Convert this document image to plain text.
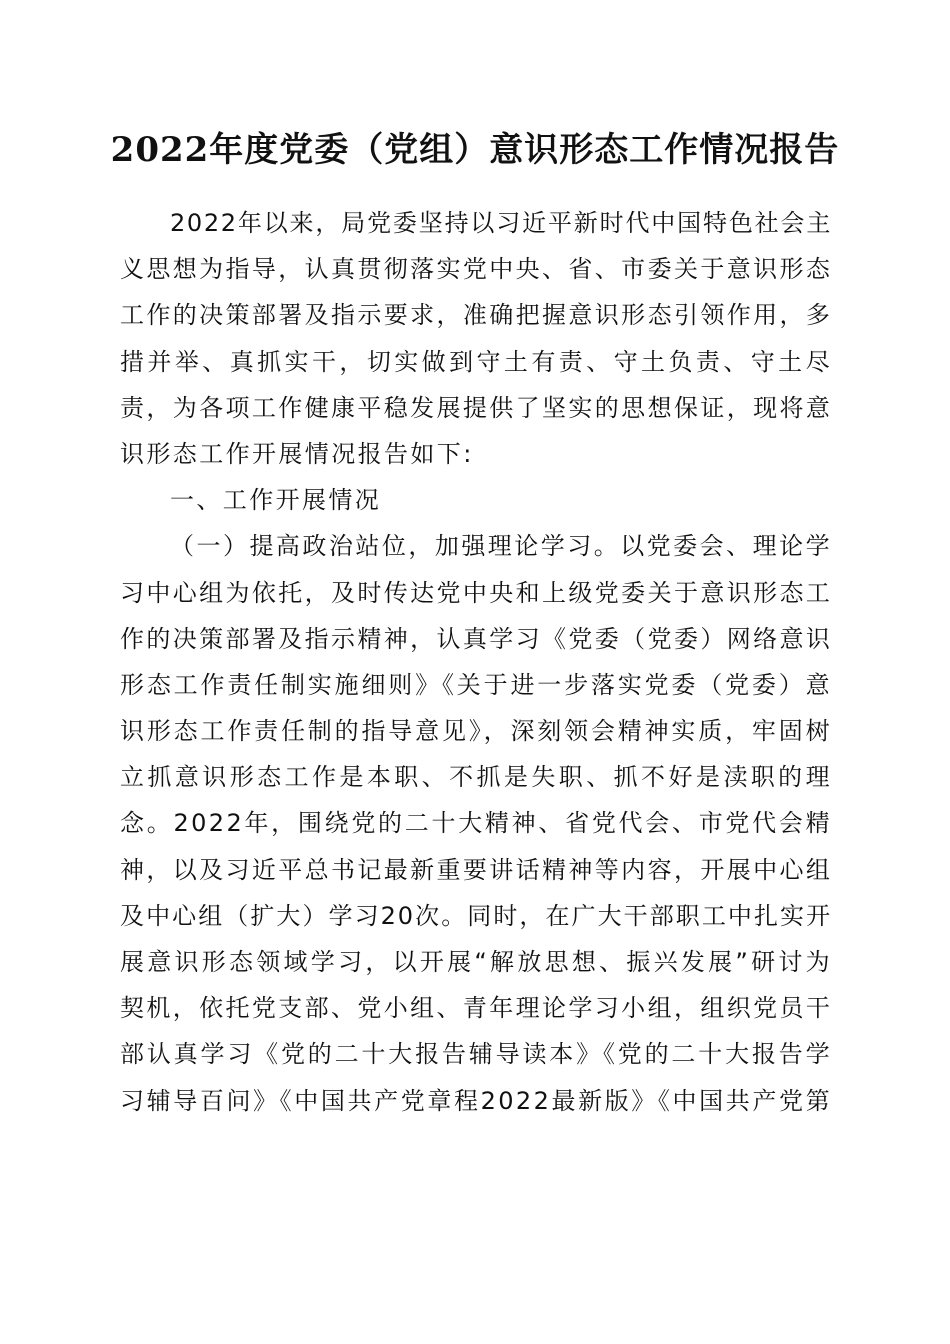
2022年度党委（党组）意识形态工作情况报告
2022年以来，局党委坚持以习近平新时代中国特色社会主
义思想为指导，认真贯彻落实党中央、省、市委关于意识形态
工作的决策部署及指示要求，准确把握意识形态引领作用，多
措并举、真抓实干，切实做到守土有责、守土负责、守土尽
责，为各项工作健康平稳发展提供了坚实的思想保证，现将意
识形态工作开展情况报告如下:
一、工作开展情况
（一）提高政治站位，加强理论学习。以党委会、理论学
习中心组为依托，及时传达党中央和上级党委关于意识形态工
作的决策部署及指示精神，认真学习《党委（党委）网络意识
形态工作责任制实施细则》《关于进一步落实党委（党委）意
识形态工作责任制的指导意见》，深刻领会精神实质，牢固树
立抓意识形态工作是本职、不抓是失职、抓不好是渎职的理
念。2022年，围绕党的二十大精神、省党代会、市党代会精
神，以及习近平总书记最新重要讲话精神等内容，开展中心组
及中心组（扩大）学习20次。同时，在广大干部职工中扎实开
展意识形态领域学习，以开展“解放思想、振兴发展”研讨为
契机，依托党支部、党小组、青年理论学习小组，组织党员干
部认真学习《党的二十大报告辅导读本》《党的二十大报告学
习辅导百问》《中国共产党章程2022最新版》《中国共产党第
